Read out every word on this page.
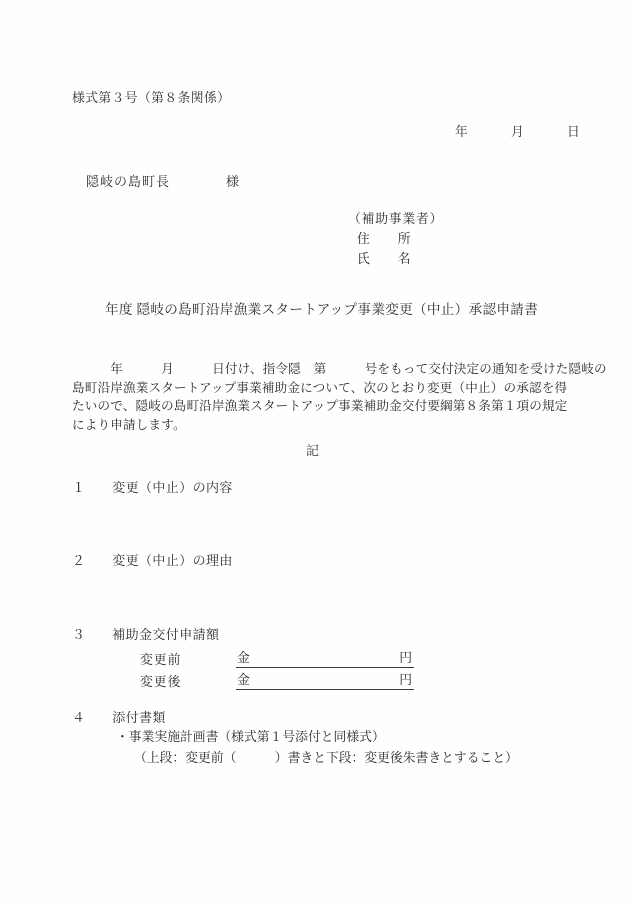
様式第３号（第８条関係）
年　　　月　　　日
隠岐の島町長　　　　様
（補助事業者）
住　　所
氏　　名
年度 隠岐の島町沿岸漁業スタートアップ事業変更（中止）承認申請書
　　　年　　　月　　　日付け、指令隠　第　　　号をもって交付決定の通知を受けた隠岐の
島町沿岸漁業スタートアップ事業補助金について、次のとおり変更（中止）の承認を得
たいので、隠岐の島町沿岸漁業スタートアップ事業補助金交付要綱第８条第１項の規定
により申請します。
記
１　　変更（中止）の内容
２　　変更（中止）の理由
３　　補助金交付申請額
変更前	金	円
変更後	金	円
４　　添付書類
・事業実施計画書（様式第１号添付と同様式）
（上段：変更前（　　　）書きと下段：変更後朱書きとすること）
